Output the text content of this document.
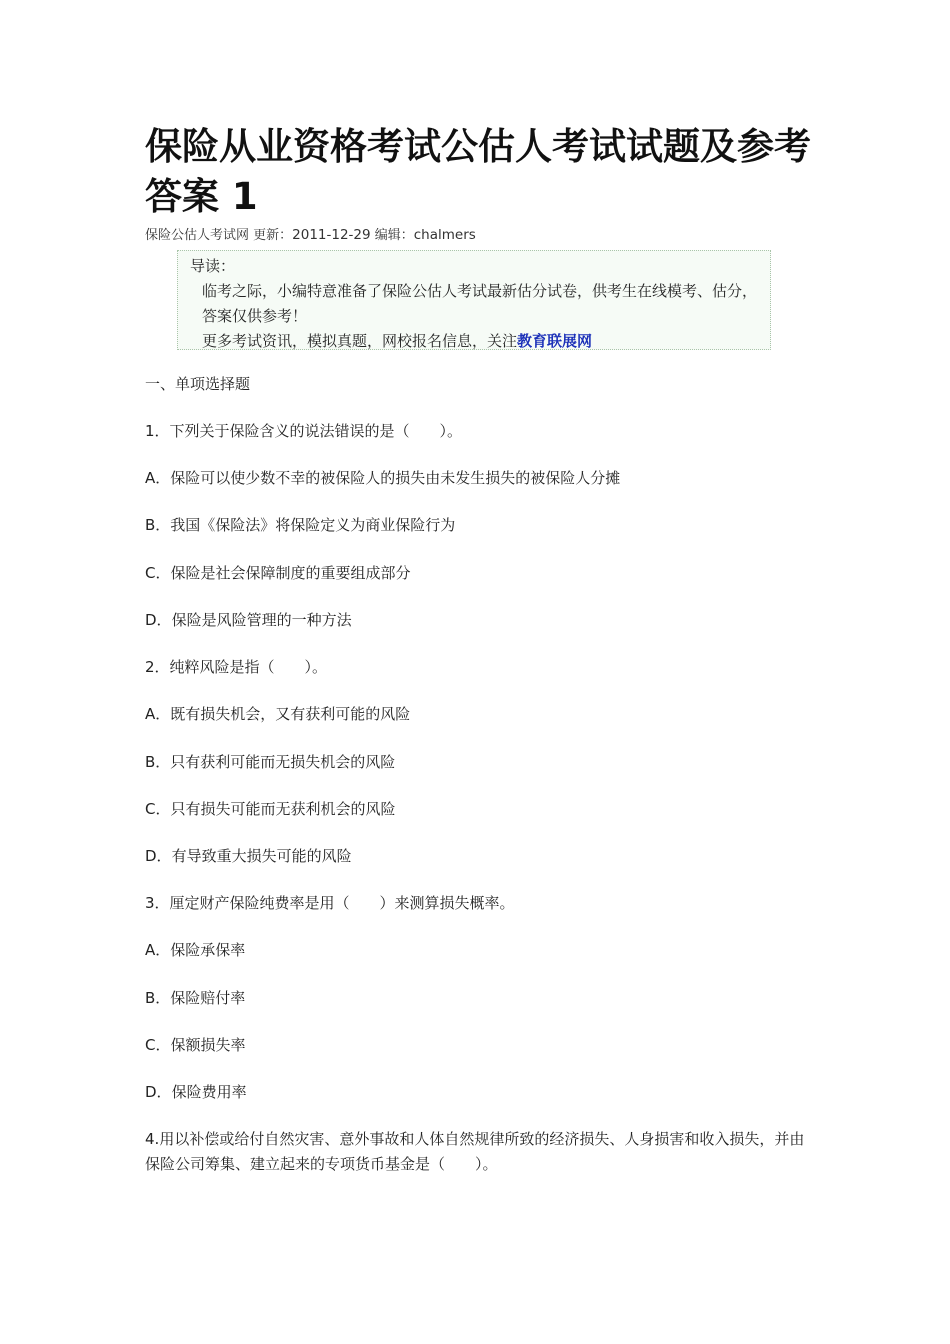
保险从业资格考试公估人考试试题及参考答案 1
保险公估人考试网 更新：2011-12-29 编辑：chalmers

导读：

临考之际，小编特意准备了保险公估人考试最新估分试卷，供考生在线模考、估分，答案仅供参考！

更多考试资讯，模拟真题，网校报名信息，关注教育联展网

一、单项选择题
1．下列关于保险含义的说法错误的是（　　）。
A．保险可以使少数不幸的被保险人的损失由未发生损失的被保险人分摊
B．我国《保险法》将保险定义为商业保险行为
C．保险是社会保障制度的重要组成部分
D．保险是风险管理的一种方法
2．纯粹风险是指（　　）。
A．既有损失机会，又有获利可能的风险
B．只有获利可能而无损失机会的风险
C．只有损失可能而无获利机会的风险
D．有导致重大损失可能的风险
3．厘定财产保险纯费率是用（　　）来测算损失概率。
A．保险承保率
B．保险赔付率
C．保额损失率
D．保险费用率
4.用以补偿或给付自然灾害、意外事故和人体自然规律所致的经济损失、人身损害和收入损失，并由保险公司筹集、建立起来的专项货币基金是（　　）。
